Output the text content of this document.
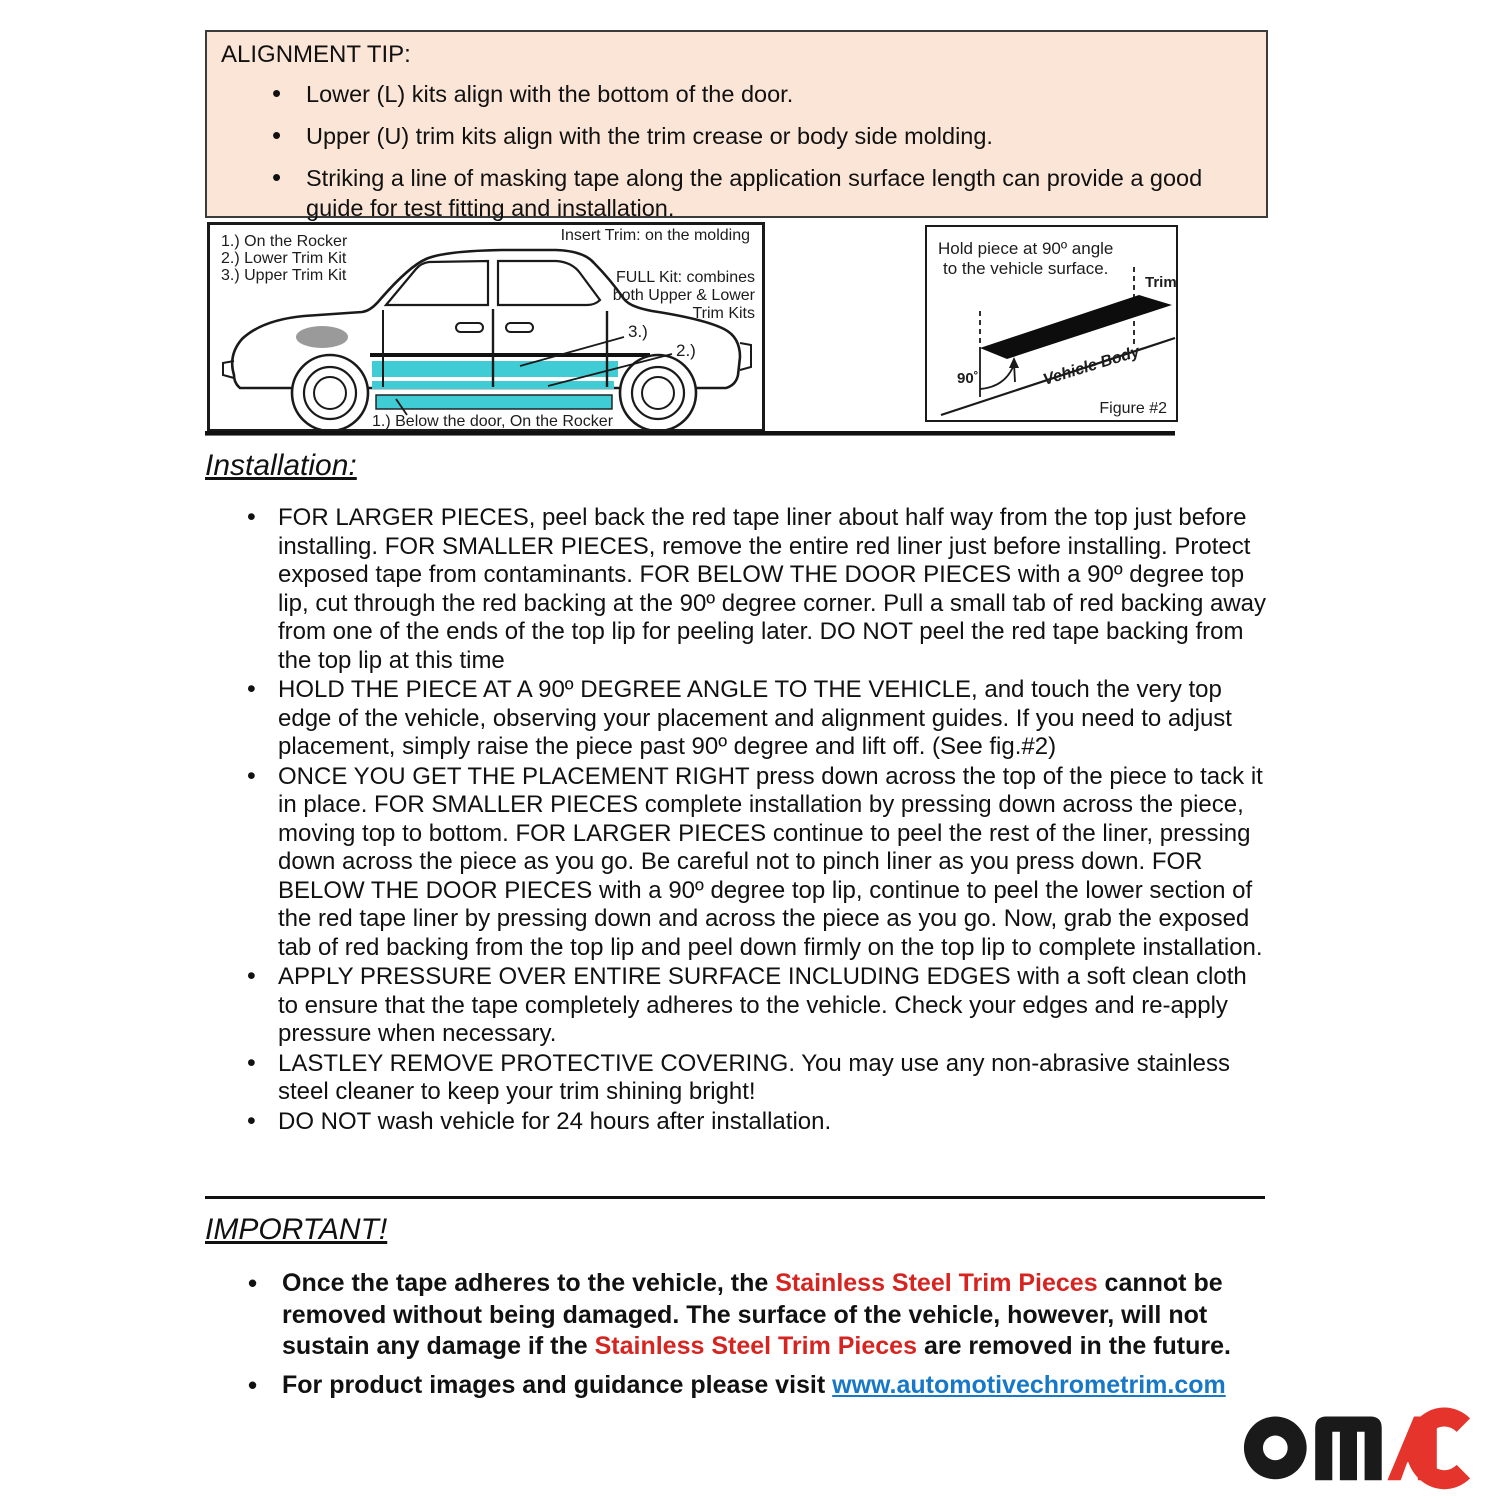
ALIGNMENT TIP:
• Lower (L) kits align with the bottom of the door.
• Upper (U) trim kits align with the trim crease or body side molding.
• Striking a line of masking tape along the application surface length can provide a good guide for test fitting and installation.
1.) On the Rocker
2.) Lower Trim Kit
3.) Upper Trim Kit
Insert Trim: on the molding
FULL Kit: combines
both Upper & Lower
Trim Kits
3.)
2.)
1.) Below the door, On the Rocker
Hold piece at 90º angle
to the vehicle surface.
Trim
90˚	Vehicle Body
Figure #2
Installation:
• FOR LARGER PIECES, peel back the red tape liner about half way from the top just before installing. FOR SMALLER PIECES, remove the entire red liner just before installing. Protect exposed tape from contaminants. FOR BELOW THE DOOR PIECES with a 90º degree top lip, cut through the red backing at the 90º degree corner. Pull a small tab of red backing away from one of the ends of the top lip for peeling later. DO NOT peel the red tape backing from the top lip at this time
• HOLD THE PIECE AT A 90º DEGREE ANGLE TO THE VEHICLE, and touch the very top edge of the vehicle, observing your placement and alignment guides. If you need to adjust placement, simply raise the piece past 90º degree and lift off. (See fig.#2)
• ONCE YOU GET THE PLACEMENT RIGHT press down across the top of the piece to tack it in place. FOR SMALLER PIECES complete installation by pressing down across the piece, moving top to bottom. FOR LARGER PIECES continue to peel the rest of the liner, pressing down across the piece as you go. Be careful not to pinch liner as you press down. FOR BELOW THE DOOR PIECES with a 90º degree top lip, continue to peel the lower section of the red tape liner by pressing down and across the piece as you go. Now, grab the exposed tab of red backing from the top lip and peel down firmly on the top lip to complete installation.
• APPLY PRESSURE OVER ENTIRE SURFACE INCLUDING EDGES with a soft clean cloth to ensure that the tape completely adheres to the vehicle. Check your edges and re-apply pressure when necessary.
• LASTLEY REMOVE PROTECTIVE COVERING. You may use any non-abrasive stainless steel cleaner to keep your trim shining bright!
• DO NOT wash vehicle for 24 hours after installation.
IMPORTANT!
• Once the tape adheres to the vehicle, the Stainless Steel Trim Pieces cannot be removed without being damaged. The surface of the vehicle, however, will not sustain any damage if the Stainless Steel Trim Pieces are removed in the future.
• For product images and guidance please visit www.automotivechrometrim.com
